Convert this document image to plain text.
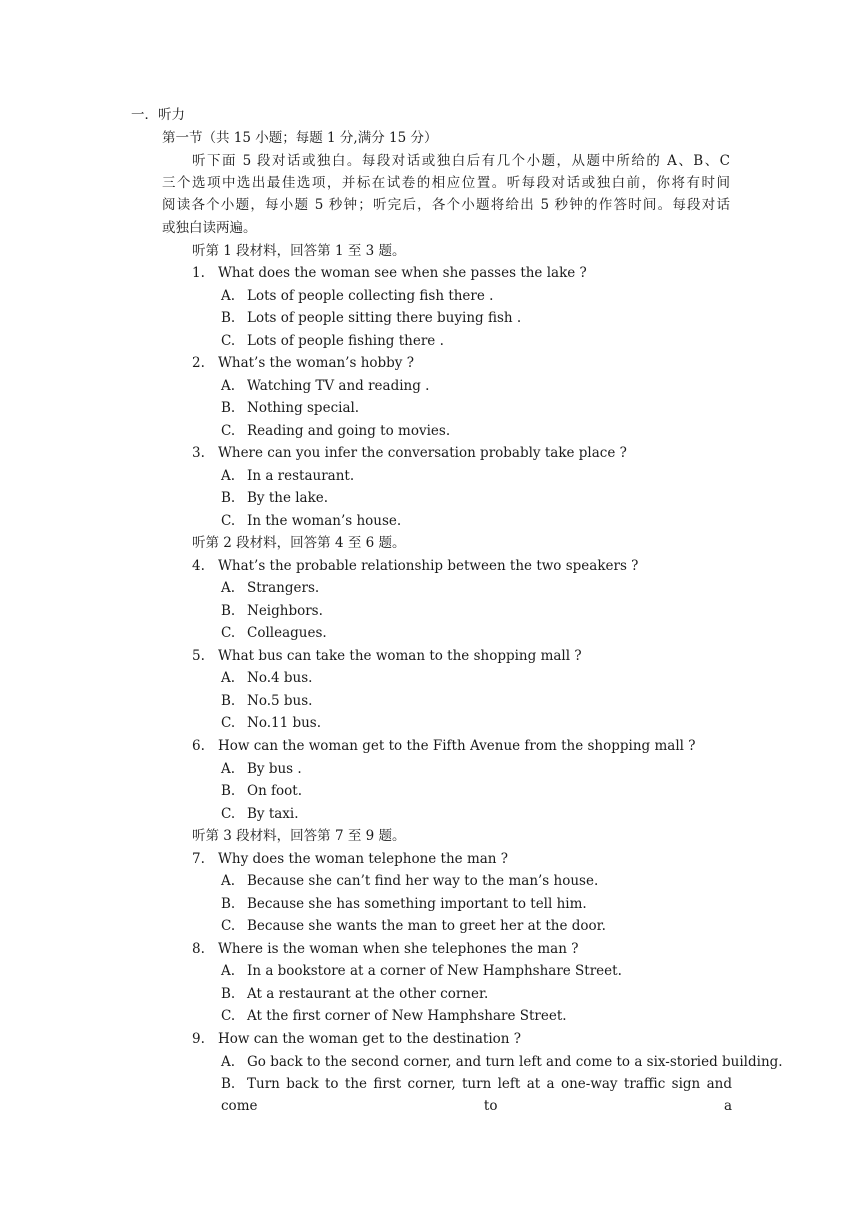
一．听力
第一节（共 15 小题；每题 1 分,满分 15 分）
听下面 5 段对话或独白。每段对话或独白后有几个小题，从题中所给的 A、B、C
三个选项中选出最佳选项，并标在试卷的相应位置。听每段对话或独白前，你将有时间
阅读各个小题，每小题 5 秒钟；听完后，各个小题将给出 5 秒钟的作答时间。每段对话
或独白读两遍。
听第 1 段材料，回答第 1 至 3 题。
1. What does the woman see when she passes the lake ?
A. Lots of people collecting fish there .
B. Lots of people sitting there buying fish .
C. Lots of people fishing there .
2. What’s the woman’s hobby ?
A. Watching TV and reading .
B. Nothing special.
C. Reading and going to movies.
3. Where can you infer the conversation probably take place ?
A. In a restaurant.
B. By the lake.
C. In the woman’s house.
听第 2 段材料，回答第 4 至 6 题。
4. What’s the probable relationship between the two speakers ?
A. Strangers.
B. Neighbors.
C. Colleagues.
5. What bus can take the woman to the shopping mall ?
A. No.4 bus.
B. No.5 bus.
C. No.11 bus.
6. How can the woman get to the Fifth Avenue from the shopping mall ?
A. By bus .
B. On foot.
C. By taxi.
听第 3 段材料，回答第 7 至 9 题。
7. Why does the woman telephone the man ?
A. Because she can’t find her way to the man’s house.
B. Because she has something important to tell him.
C. Because she wants the man to greet her at the door.
8. Where is the woman when she telephones the man ?
A. In a bookstore at a corner of New Hamphshare Street.
B. At a restaurant at the other corner.
C. At the first corner of New Hamphshare Street.
9. How can the woman get to the destination ?
A. Go back to the second corner, and turn left and come to a six-storied building.
B. Turn back to the first corner, turn left at a one-way traffic sign and come to a
